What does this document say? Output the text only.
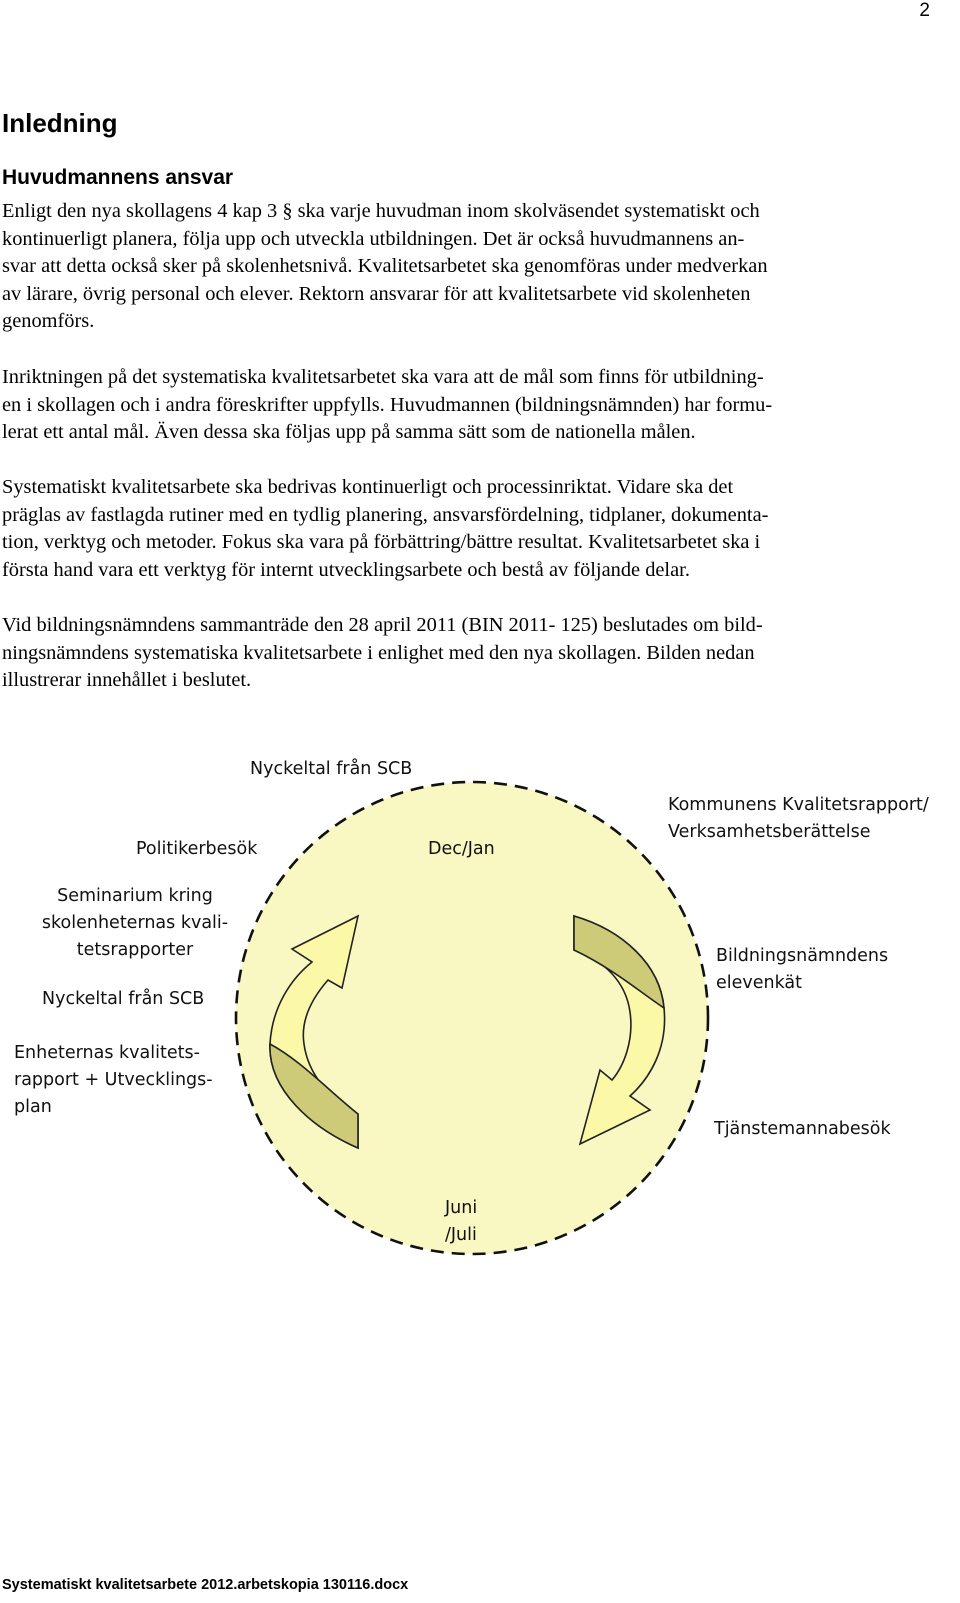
2
Inledning
Huvudmannens ansvar

Enligt den nya skollagens 4 kap 3 § ska varje huvudman inom skolväsendet systematiskt och
kontinuerligt planera, följa upp och utveckla utbildningen. Det är också huvudmannens an-
svar att detta också sker på skolenhetsnivå. Kvalitetsarbetet ska genomföras under medverkan
av lärare, övrig personal och elever. Rektorn ansvarar för att kvalitetsarbete vid skolenheten
genomförs.

Inriktningen på det systematiska kvalitetsarbetet ska vara att de mål som finns för utbildning-
en i skollagen och i andra föreskrifter uppfylls. Huvudmannen (bildningsnämnden) har formu-
lerat ett antal mål. Även dessa ska följas upp på samma sätt som de nationella målen.

Systematiskt kvalitetsarbete ska bedrivas kontinuerligt och processinriktat. Vidare ska det
präglas av fastlagda rutiner med en tydlig planering, ansvarsfördelning, tidplaner, dokumenta-
tion, verktyg och metoder. Fokus ska vara på förbättring/bättre resultat. Kvalitetsarbetet ska i
första hand vara ett verktyg för internt utvecklingsarbete och bestå av följande delar.

Vid bildningsnämndens sammanträde den 28 april 2011 (BIN 2011- 125) beslutades om bild-
ningsnämndens systematiska kvalitetsarbete i enlighet med den nya skollagen. Bilden nedan
illustrerar innehållet i beslutet.

Nyckeltal från SCB
Kommunens Kvalitetsrapport/
Verksamhetsberättelse
Politikerbesök	Dec/Jan
Seminarium kring
skolenheternas kvali-
tetsrapporter	Bildningsnämndens
elevenkät
Nyckeltal från SCB
Enheternas kvalitets-
rapport + Utvecklings-
plan
Tjänstemannabesök
Juni
/Juli
Systematiskt kvalitetsarbete 2012.arbetskopia 130116.docx
